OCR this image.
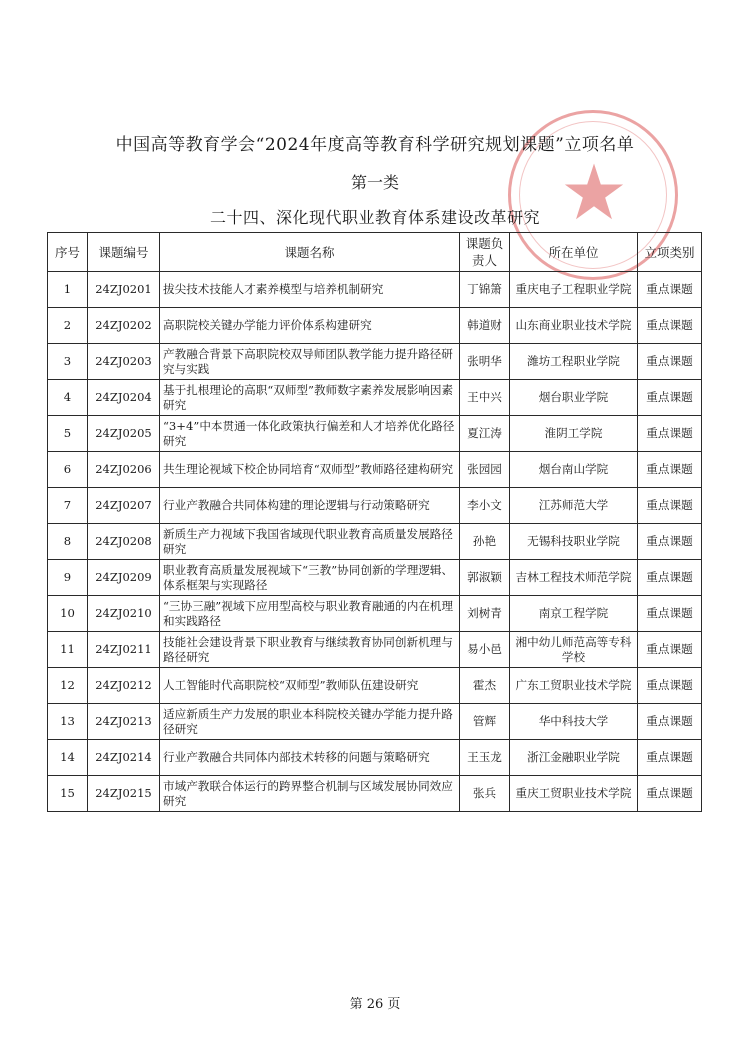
中国高等教育学会“2024年度高等教育科学研究规划课题”立项名单
第一类
二十四、深化现代职业教育体系建设改革研究
序号	课题编号	课题名称	课题负责人	所在单位	立项类别
1	24ZJ0201	拔尖技术技能人才素养模型与培养机制研究	丁锦箫	重庆电子工程职业学院	重点课题
2	24ZJ0202	高职院校关键办学能力评价体系构建研究	韩道财	山东商业职业技术学院	重点课题
3	24ZJ0203	产教融合背景下高职院校双导师团队教学能力提升路径研究与实践	张明华	潍坊工程职业学院	重点课题
4	24ZJ0204	基于扎根理论的高职“双师型”教师数字素养发展影响因素研究	王中兴	烟台职业学院	重点课题
5	24ZJ0205	“3+4”中本贯通一体化政策执行偏差和人才培养优化路径研究	夏江涛	淮阴工学院	重点课题
6	24ZJ0206	共生理论视域下校企协同培育“双师型”教师路径建构研究	张园园	烟台南山学院	重点课题
7	24ZJ0207	行业产教融合共同体构建的理论逻辑与行动策略研究	李小文	江苏师范大学	重点课题
8	24ZJ0208	新质生产力视域下我国省域现代职业教育高质量发展路径研究	孙艳	无锡科技职业学院	重点课题
9	24ZJ0209	职业教育高质量发展视域下“三教”协同创新的学理逻辑、体系框架与实现路径	郭淑颖	吉林工程技术师范学院	重点课题
10	24ZJ0210	“三协三融”视域下应用型高校与职业教育融通的内在机理和实践路径	刘树青	南京工程学院	重点课题
11	24ZJ0211	技能社会建设背景下职业教育与继续教育协同创新机理与路径研究	易小邑	湘中幼儿师范高等专科学校	重点课题
12	24ZJ0212	人工智能时代高职院校“双师型”教师队伍建设研究	霍杰	广东工贸职业技术学院	重点课题
13	24ZJ0213	适应新质生产力发展的职业本科院校关键办学能力提升路径研究	管辉	华中科技大学	重点课题
14	24ZJ0214	行业产教融合共同体内部技术转移的问题与策略研究	王玉龙	浙江金融职业学院	重点课题
15	24ZJ0215	市域产教联合体运行的跨界整合机制与区域发展协同效应研究	张兵	重庆工贸职业技术学院	重点课题
第 26 页
